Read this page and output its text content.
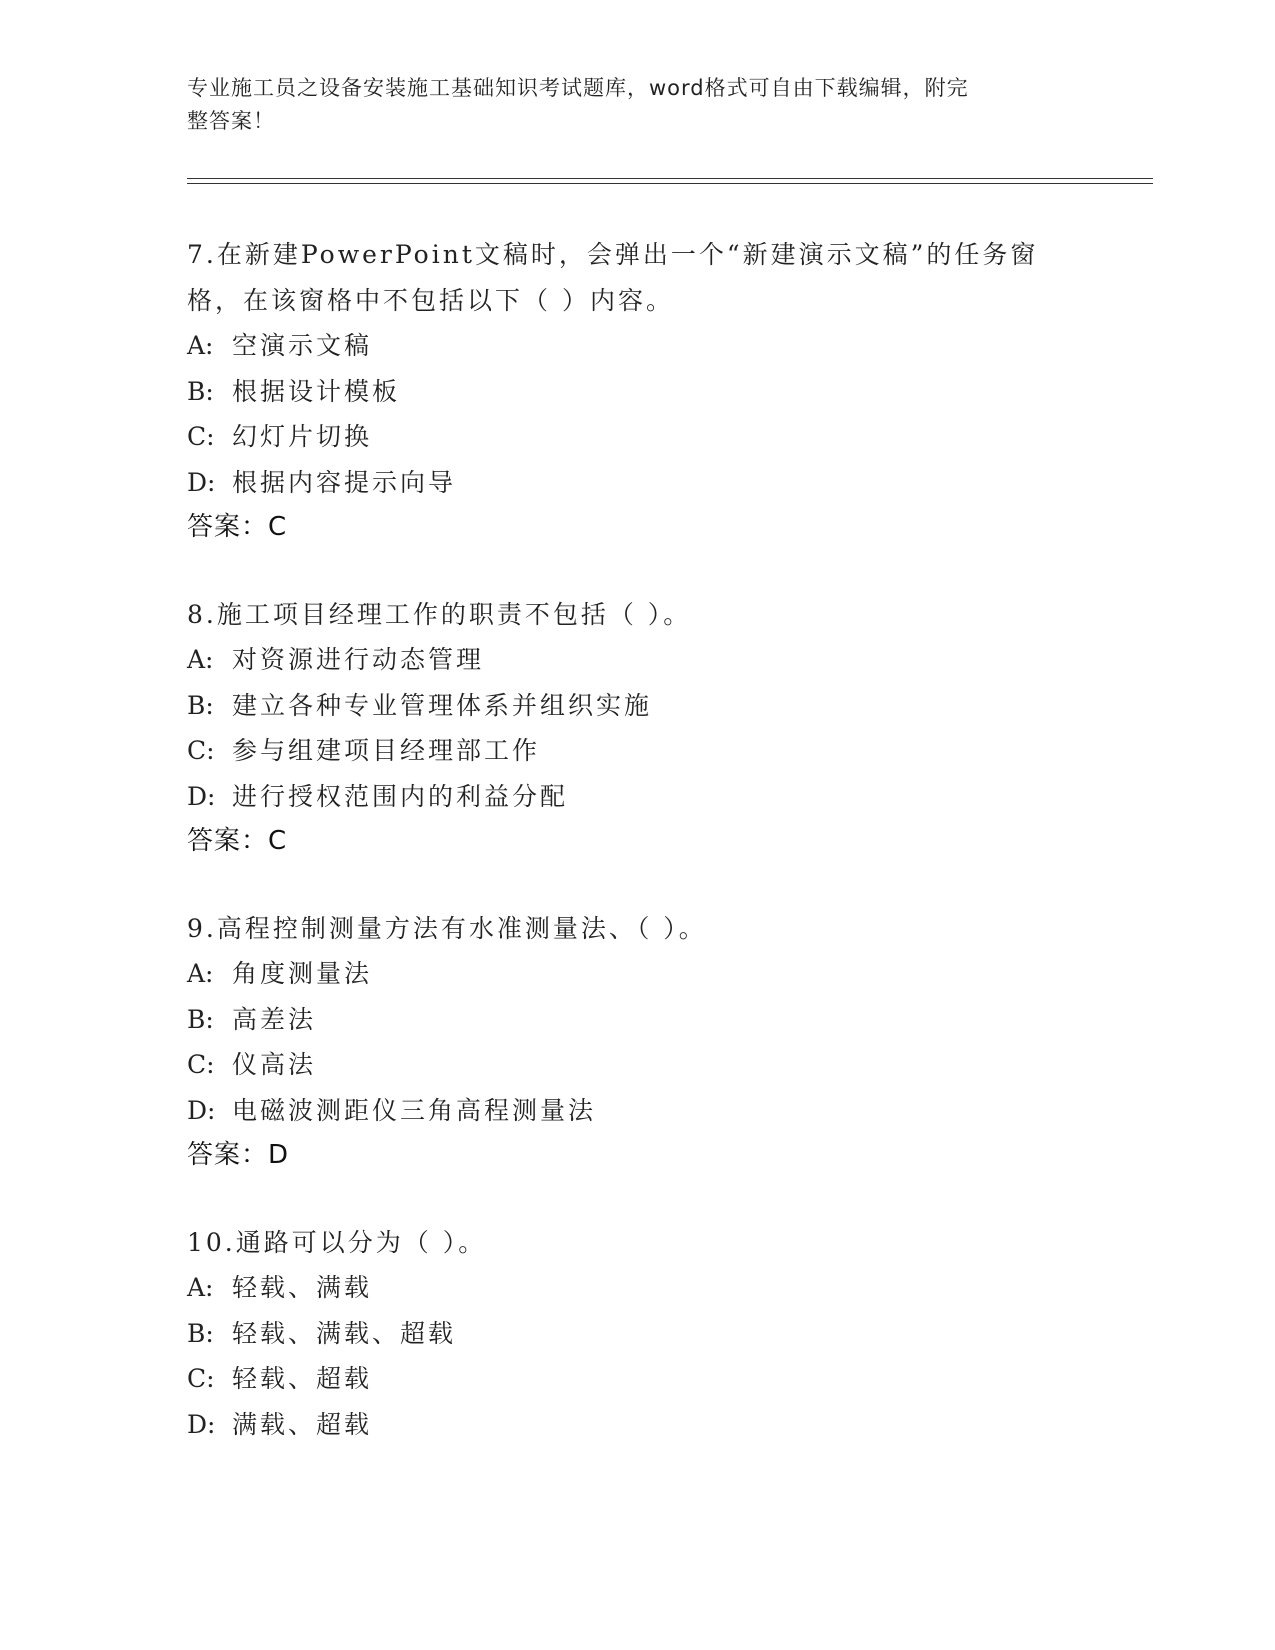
专业施工员之设备安装施工基础知识考试题库，word格式可自由下载编辑，附完
整答案！

7.在新建PowerPoint文稿时，会弹出一个“新建演示文稿”的任务窗

格，在该窗格中不包括以下（ ）内容。

A: 空演示文稿

B: 根据设计模板

C: 幻灯片切换

D: 根据内容提示向导

答案：C

8.施工项目经理工作的职责不包括（ ）。

A: 对资源进行动态管理

B: 建立各种专业管理体系并组织实施

C: 参与组建项目经理部工作

D: 进行授权范围内的利益分配

答案：C

9.高程控制测量方法有水准测量法、（ ）。

A: 角度测量法

B: 高差法

C: 仪高法

D: 电磁波测距仪三角高程测量法

答案：D

10.通路可以分为（ ）。

A: 轻载、满载

B: 轻载、满载、超载

C: 轻载、超载

D: 满载、超载
